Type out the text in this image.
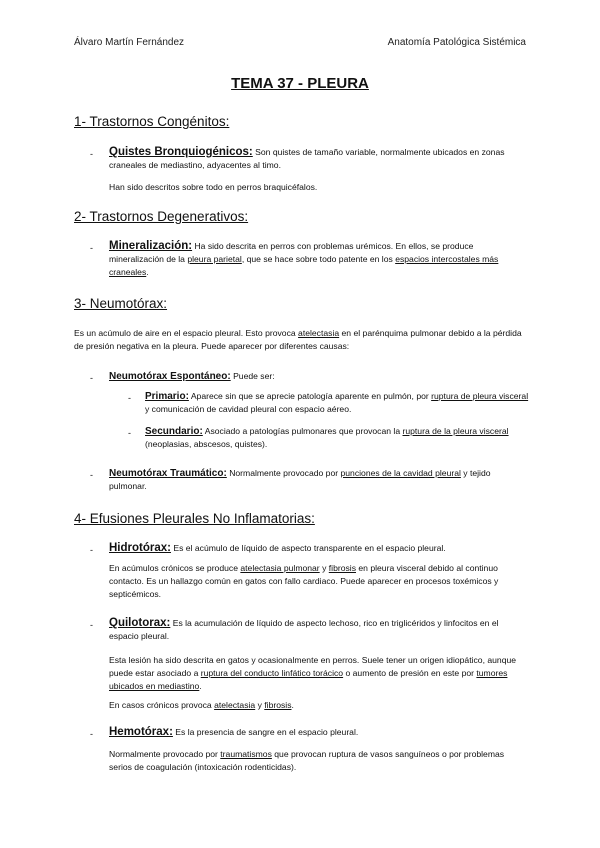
Álvaro Martín Fernández	Anatomía Patológica Sistémica
TEMA 37 - PLEURA
1- Trastornos Congénitos:
- Quistes Bronquiogénicos: Son quistes de tamaño variable, normalmente ubicados en zonas craneales de mediastino, adyacentes al timo.
Han sido descritos sobre todo en perros braquicéfalos.
2- Trastornos Degenerativos:
- Mineralización: Ha sido descrita en perros con problemas urémicos. En ellos, se produce mineralización de la pleura parietal, que se hace sobre todo patente en los espacios intercostales más craneales.
3- Neumotórax:
Es un acúmulo de aire en el espacio pleural. Esto provoca atelectasia en el parénquima pulmonar debido a la pérdida de presión negativa en la pleura. Puede aparecer por diferentes causas:
- Neumotórax Espontáneo: Puede ser:
- Primario: Aparece sin que se aprecie patología aparente en pulmón, por ruptura de pleura visceral y comunicación de cavidad pleural con espacio aéreo.
- Secundario: Asociado a patologías pulmonares que provocan la ruptura de la pleura visceral (neoplasias, abscesos, quistes).
- Neumotórax Traumático: Normalmente provocado por punciones de la cavidad pleural y tejido pulmonar.
4- Efusiones Pleurales No Inflamatorias:
- Hidrotórax: Es el acúmulo de líquido de aspecto transparente en el espacio pleural.
En acúmulos crónicos se produce atelectasia pulmonar y fibrosis en pleura visceral debido al continuo contacto. Es un hallazgo común en gatos con fallo cardiaco. Puede aparecer en procesos toxémicos y septicémicos.
- Quilotorax: Es la acumulación de líquido de aspecto lechoso, rico en triglicéridos y linfocitos en el espacio pleural.
Esta lesión ha sido descrita en gatos y ocasionalmente en perros. Suele tener un origen idiopático, aunque puede estar asociado a ruptura del conducto linfático torácico o aumento de presión en este por tumores ubicados en mediastino.
En casos crónicos provoca atelectasia y fibrosis.
- Hemotórax: Es la presencia de sangre en el espacio pleural.
Normalmente provocado por traumatismos que provocan ruptura de vasos sanguíneos o por problemas serios de coagulación (intoxicación rodenticidas).
